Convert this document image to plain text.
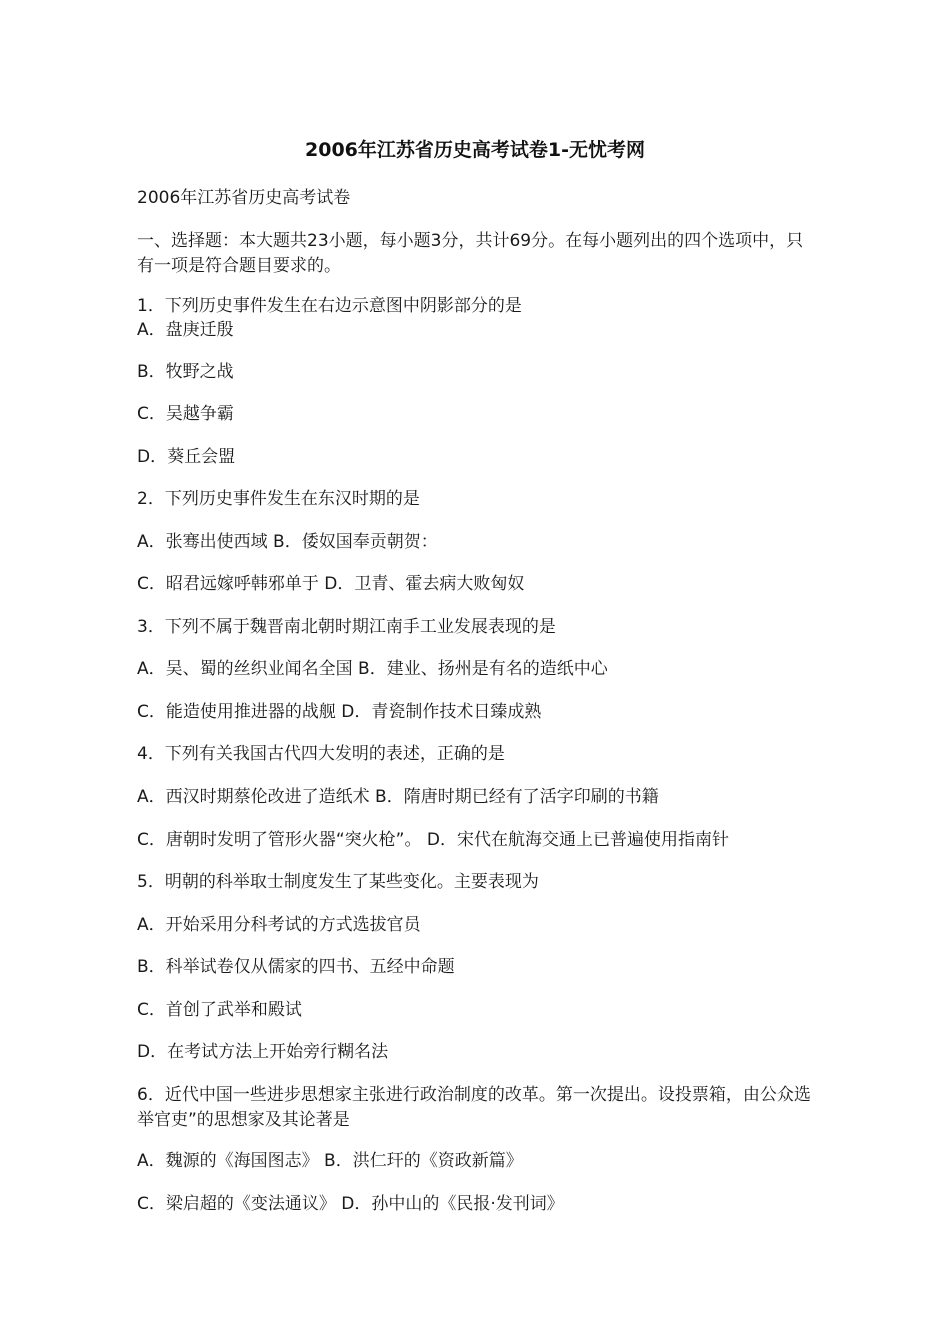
2006年江苏省历史高考试卷1-无忧考网
2006年江苏省历史高考试卷
一、选择题：本大题共23小题，每小题3分，共计69分。在每小题列出的四个选项中，只有一项是符合题目要求的。
1．下列历史事件发生在右边示意图中阴影部分的是
A．盘庚迁殷
B．牧野之战
C．吴越争霸
D．葵丘会盟
2．下列历史事件发生在东汉时期的是
A．张骞出使西域 B．倭奴国奉贡朝贺：
C．昭君远嫁呼韩邪单于 D．卫青、霍去病大败匈奴
3．下列不属于魏晋南北朝时期江南手工业发展表现的是
A．吴、蜀的丝织业闻名全国 B．建业、扬州是有名的造纸中心
C．能造使用推进器的战舰 D．青瓷制作技术日臻成熟
4．下列有关我国古代四大发明的表述，正确的是
A．西汉时期蔡伦改进了造纸术 B．隋唐时期已经有了活字印刷的书籍
C．唐朝时发明了管形火器“突火枪”。 D．宋代在航海交通上已普遍使用指南针
5．明朝的科举取士制度发生了某些变化。主要表现为
A．开始采用分科考试的方式选拔官员
B．科举试卷仅从儒家的四书、五经中命题
C．首创了武举和殿试
D．在考试方法上开始旁行糊名法
6．近代中国一些进步思想家主张进行政治制度的改革。第一次提出。设投票箱，由公众选举官吏”的思想家及其论著是
A．魏源的《海国图志》 B．洪仁玕的《资政新篇》
C．梁启超的《变法通议》 D．孙中山的《民报·发刊词》
